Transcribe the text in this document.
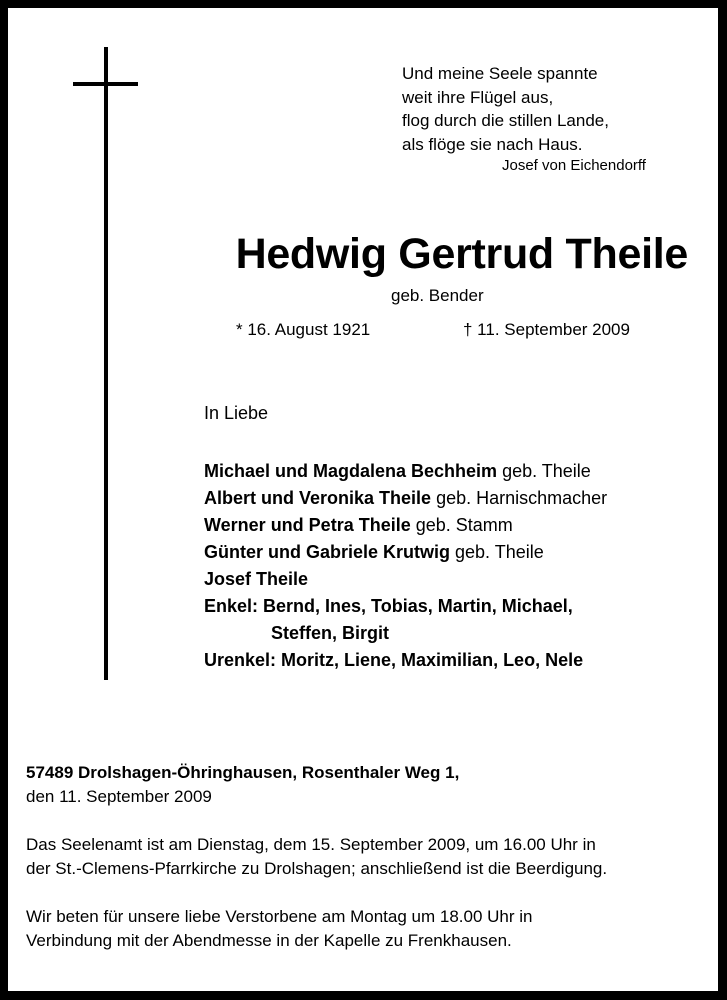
Und meine Seele spannte
weit ihre Flügel aus,
flog durch die stillen Lande,
als flöge sie nach Haus.
Josef von Eichendorff
Hedwig Gertrud Theile
geb. Bender
* 16. August 1921	† 11. September 2009
In Liebe
Michael und Magdalena Bechheim geb. Theile
Albert und Veronika Theile geb. Harnischmacher
Werner und Petra Theile geb. Stamm
Günter und Gabriele Krutwig geb. Theile
Josef Theile
Enkel: Bernd, Ines, Tobias, Martin, Michael,
Steffen, Birgit
Urenkel: Moritz, Liene, Maximilian, Leo, Nele
57489 Drolshagen-Öhringhausen, Rosenthaler Weg 1,
den 11. September 2009
Das Seelenamt ist am Dienstag, dem 15. September 2009, um 16.00 Uhr in
der St.-Clemens-Pfarrkirche zu Drolshagen; anschließend ist die Beerdigung.
Wir beten für unsere liebe Verstorbene am Montag um 18.00 Uhr in
Verbindung mit der Abendmesse in der Kapelle zu Frenkhausen.
